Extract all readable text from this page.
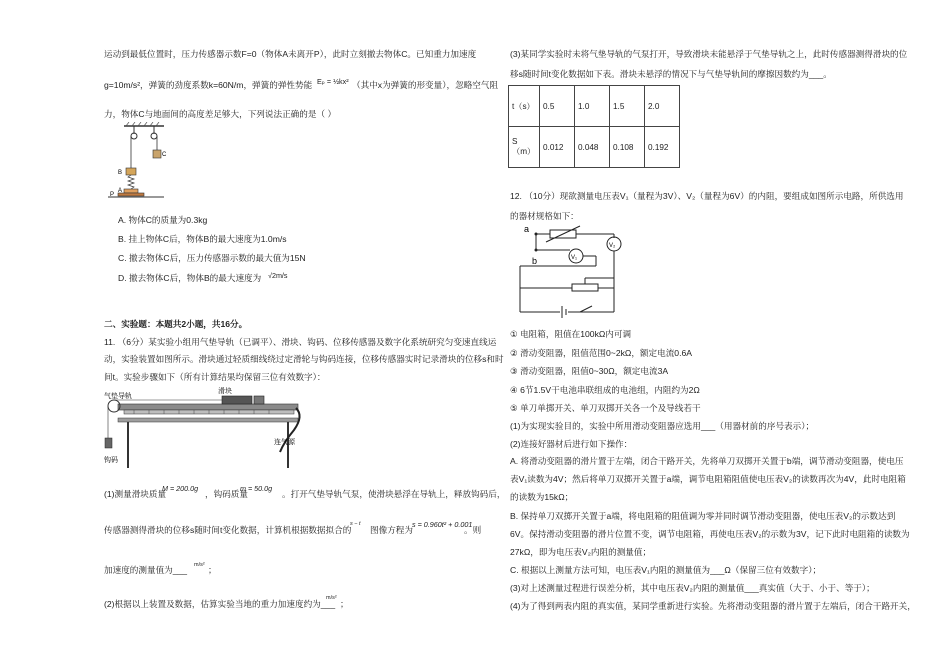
运动到最低位置时，压力传感器示数F=0（物体A未离开P），此时立刻撤去物体C。已知重力加速度
g=10m/s²，弹簧的劲度系数k=60N/m，弹簧的弹性势能 Eₚ = ½kx² （其中x为弹簧的形变量），忽略空气阻
力，物体C与地面间的高度差足够大，下列说法正确的是（ ）
C
B
A
P
A. 物体C的质量为0.3kg
B. 挂上物体C后，物体B的最大速度为1.0m/s
C. 撤去物体C后，压力传感器示数的最大值为15N
D. 撤去物体C后，物体B的最大速度为 √2m/s
二、实验题：本题共2小题，共16分。
11. （6分）某实验小组用气垫导轨（已调平）、滑块、钩码、位移传感器及数字化系统研究匀变速直线运
动，实验装置如图所示。滑块通过轻质细线绕过定滑轮与钩码连接，位移传感器实时记录滑块的位移s和时
间t。实验步骤如下（所有计算结果均保留三位有效数字）：
气垫导轨
滑块
钩码
连气源
(1)测量滑块质量
M = 200.0g
，钩码质量
m = 50.0g
。打开气垫导轨气泵，使滑块悬浮在导轨上，释放钩码后，
传感器测得滑块的位移s随时间t变化数据，计算机根据数据拟合的
s − t
图像方程为
s = 0.960t² + 0.001
。则
加速度的测量值为___ m/s² ；
(2)根据以上装置及数据，估算实验当地的重力加速度约为___
m/s²
；
(3)某同学实验时未将气垫导轨的气泵打开，导致滑块未能悬浮于气垫导轨之上，此时传感器测得滑块的位
移s随时间t变化数据如下表。滑块未悬浮的情况下与气垫导轨间的摩擦因数约为___。
t（s）	0.5	1.0	1.5	2.0
S（m）	0.012	0.048	0.108	0.192
12. （10分）现欲测量电压表V₁（量程为3V）、V₂（量程为6V）的内阻，要组成如图所示电路，所供选用
的器材规格如下：
a
b	V₁
V₂
① 电阻箱，阻值在100kΩ内可调
② 滑动变阻器，阻值范围0~2kΩ，额定电流0.6A
③ 滑动变阻器，阻值0~30Ω，额定电流3A
④ 6节1.5V干电池串联组成的电池组，内阻约为2Ω
⑤ 单刀单掷开关、单刀双掷开关各一个及导线若干
(1)为实现实验目的，实验中所用滑动变阻器应选用___（用器材前的序号表示）；
(2)连接好器材后进行如下操作：
A. 将滑动变阻器的滑片置于左端，闭合干路开关，先将单刀双掷开关置于b端，调节滑动变阻器，使电压
表V₁读数为4V；然后将单刀双掷开关置于a端，调节电阻箱阻值使电压表V₂的读数再次为4V，此时电阻箱
的读数为15kΩ；
B. 保持单刀双掷开关置于a端，将电阻箱的阻值调为零并同时调节滑动变阻器，使电压表V₂的示数达到
6V。保持滑动变阻器的滑片位置不变，调节电阻箱，再使电压表V₂的示数为3V，记下此时电阻箱的读数为
27kΩ，即为电压表V₂内阻的测量值；
C. 根据以上测量方法可知，电压表V₁内阻的测量值为___Ω（保留三位有效数字）；
(3)对上述测量过程进行误差分析，其中电压表V₂内阻的测量值___真实值（大于、小于、等于）；
(4)为了得到两表内阻的真实值，某同学重新进行实验。先将滑动变阻器的滑片置于左端后，闭合干路开关，
